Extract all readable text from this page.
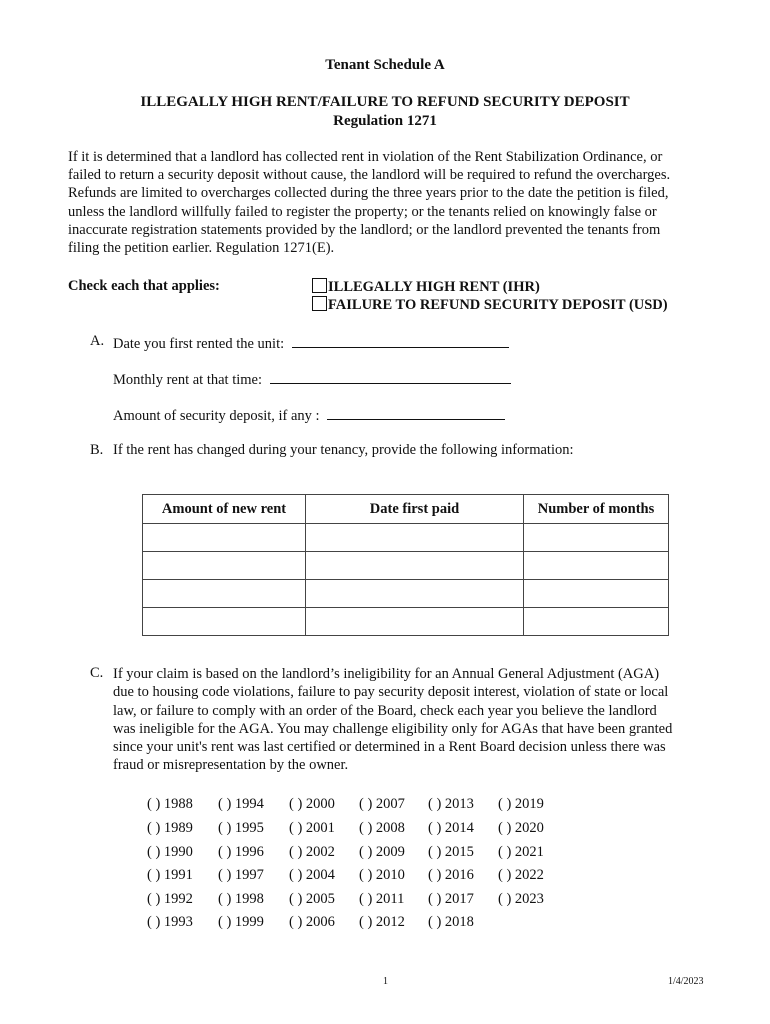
Tenant Schedule A
ILLEGALLY HIGH RENT/FAILURE TO REFUND SECURITY DEPOSIT
Regulation 1271
If it is determined that a landlord has collected rent in violation of the Rent Stabilization Ordinance, or
failed to return a security deposit without cause, the landlord will be required to refund the overcharges.
Refunds are limited to overcharges collected during the three years prior to the date the petition is filed,
unless the landlord willfully failed to register the property; or the tenants relied on knowingly false or
inaccurate registration statements provided by the landlord; or the landlord prevented the tenants from
filing the petition earlier. Regulation 1271(E).
Check each that applies:	ILLEGALLY HIGH RENT (IHR)
FAILURE TO REFUND SECURITY DEPOSIT (USD)
A. Date you first rented the unit:
Monthly rent at that time:
Amount of security deposit, if any :
B. If the rent has changed during your tenancy, provide the following information:
Amount of new rent	Date first paid	Number of months

C. If your claim is based on the landlord’s ineligibility for an Annual General Adjustment (AGA)
due to housing code violations, failure to pay security deposit interest, violation of state or local
law, or failure to comply with an order of the Board, check each year you believe the landlord
was ineligible for the AGA. You may challenge eligibility only for AGAs that have been granted
since your unit's rent was last certified or determined in a Rent Board decision unless there was
fraud or misrepresentation by the owner.
( ) 1988
( ) 1989
( ) 1990
( ) 1991
( ) 1992
( ) 1993
( ) 1994
( ) 1995
( ) 1996
( ) 1997
( ) 1998
( ) 1999
( ) 2000
( ) 2001
( ) 2002
( ) 2004
( ) 2005
( ) 2006
( ) 2007
( ) 2008
( ) 2009
( ) 2010
( ) 2011
( ) 2012
( ) 2013
( ) 2014
( ) 2015
( ) 2016
( ) 2017
( ) 2018
( ) 2019
( ) 2020
( ) 2021
( ) 2022
( ) 2023
1	1/4/2023
